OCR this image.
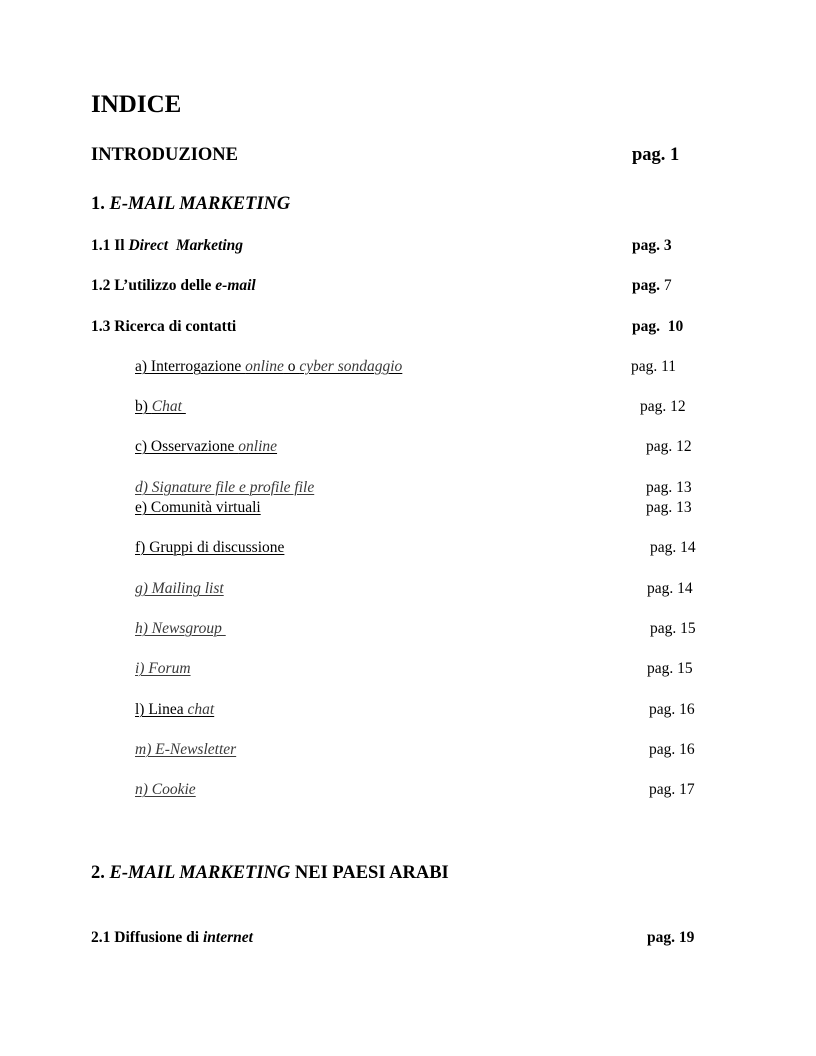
INDICE
INTRODUZIONE	pag. 1
1. E-MAIL MARKETING
1.1 Il Direct  Marketing	pag. 3
1.2 L’utilizzo delle e-mail	pag. 7
1.3 Ricerca di contatti	pag.  10
a) Interrogazione online o cyber sondaggio	pag. 11
b) Chat	pag. 12
c) Osservazione online	pag. 12
d) Signature file e profile file	pag. 13
e) Comunità virtuali	pag. 13
f) Gruppi di discussione	pag. 14
g) Mailing list	pag. 14
h) Newsgroup	pag. 15
i) Forum	pag. 15
l) Linea chat	pag. 16
m) E-Newsletter	pag. 16
n) Cookie	pag. 17
2. E-MAIL MARKETING NEI PAESI ARABI
2.1 Diffusione di internet	pag. 19
